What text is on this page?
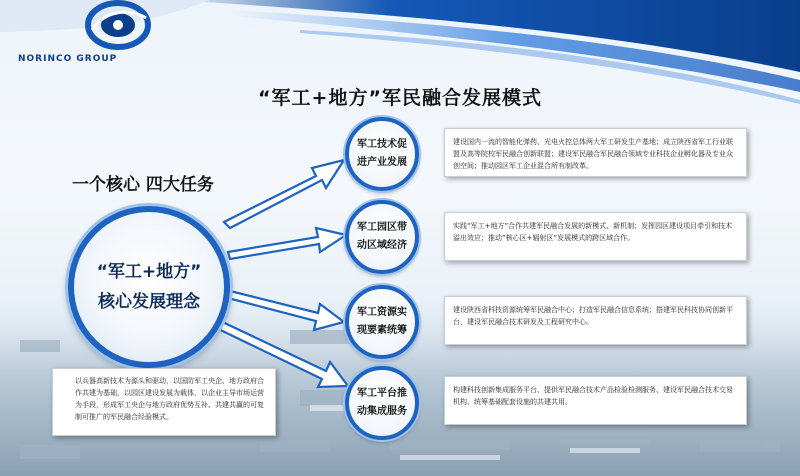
NORINCO GROUP
“军工+地方”军民融合发展模式
一个核心 四大任务
“军工+地方”
核心发展理念
以兵器高新技术为源头和驱动，以国防军工央企、地方政府合作共建为基础，以园区建设发展为载体，以企业主导市场运营为手段，形成军工央企与地方政府优势互补、共建共赢的可复制可推广的军民融合经验模式。
军工技术促进产业发展
建设国内一流的智能化弹药、光电火控总体两大军工研发生产基地；成立陕西省军工行业联盟及高等院校军民融合创新联盟；建设军民融合军民融合领域专业科技企业孵化器及专业众创空间；推动园区军工企业混合所有制改革。
军工园区带动区域经济
实践“军工+地方”合作共建军民融合发展的新模式、新机制；发挥园区建设项目牵引和技术溢出效应；推动”核心区+辐射区”发展模式的跨区域合作。
军工资源实现要素统筹
建设陕西省科技资源统筹军民融合中心；打造军民融合信息系统；搭建军民科技协同创新平台，建设军民融合技术研发及工程研究中心。
军工平台推动集成服务
构建科技创新集成服务平台、提供军民融合技术产品检验检测服务、建设军民融合技术交易机构、统筹基础配套设施的共建共用。
